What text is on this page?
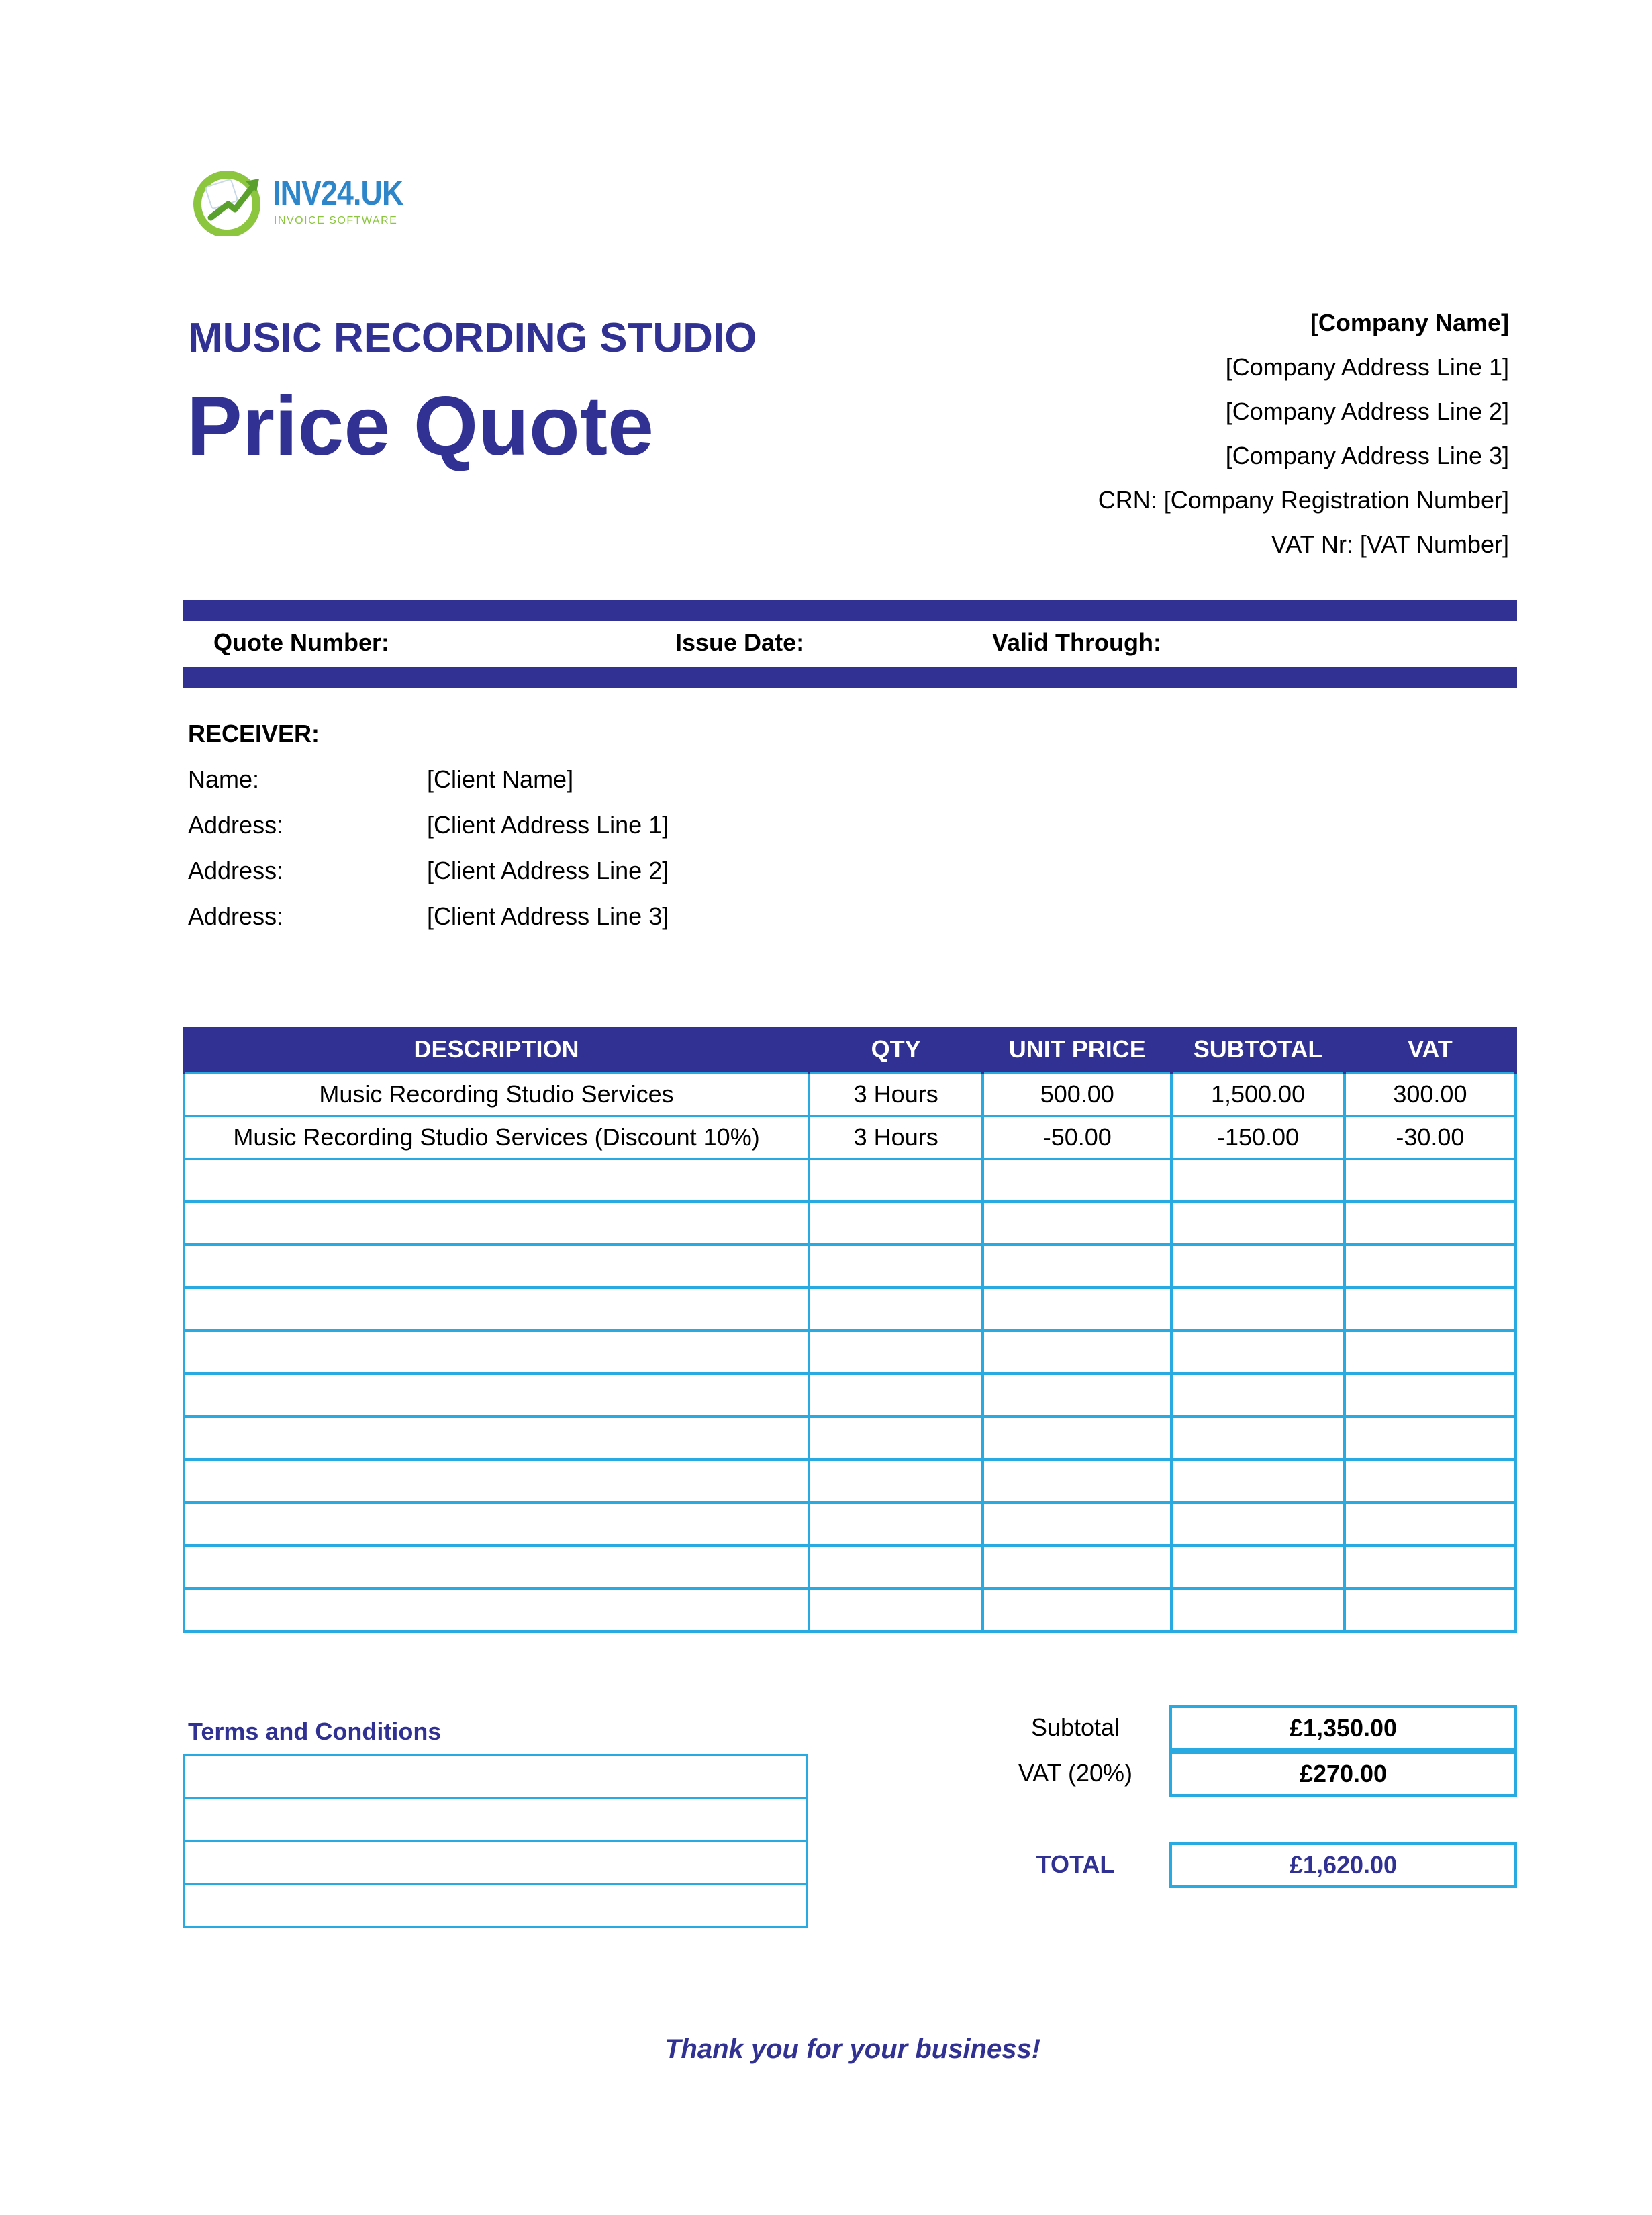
INV24.UK
INVOICE SOFTWARE
MUSIC RECORDING STUDIO
Price Quote
[Company Name]
[Company Address Line 1]
[Company Address Line 2]
[Company Address Line 3]
CRN: [Company Registration Number]
VAT Nr: [VAT Number]
Quote Number:	Issue Date:	Valid Through:
RECEIVER:
Name:	[Client Name]
Address:	[Client Address Line 1]
Address:	[Client Address Line 2]
Address:	[Client Address Line 3]
DESCRIPTION	QTY	UNIT PRICE	SUBTOTAL	VAT
Music Recording Studio Services	3 Hours	500.00	1,500.00	300.00
Music Recording Studio Services (Discount 10%)	3 Hours	-50.00	-150.00	-30.00

Terms and Conditions	Subtotal	£1,350.00
VAT (20%)	£270.00
TOTAL	£1,620.00
Thank you for your business!
